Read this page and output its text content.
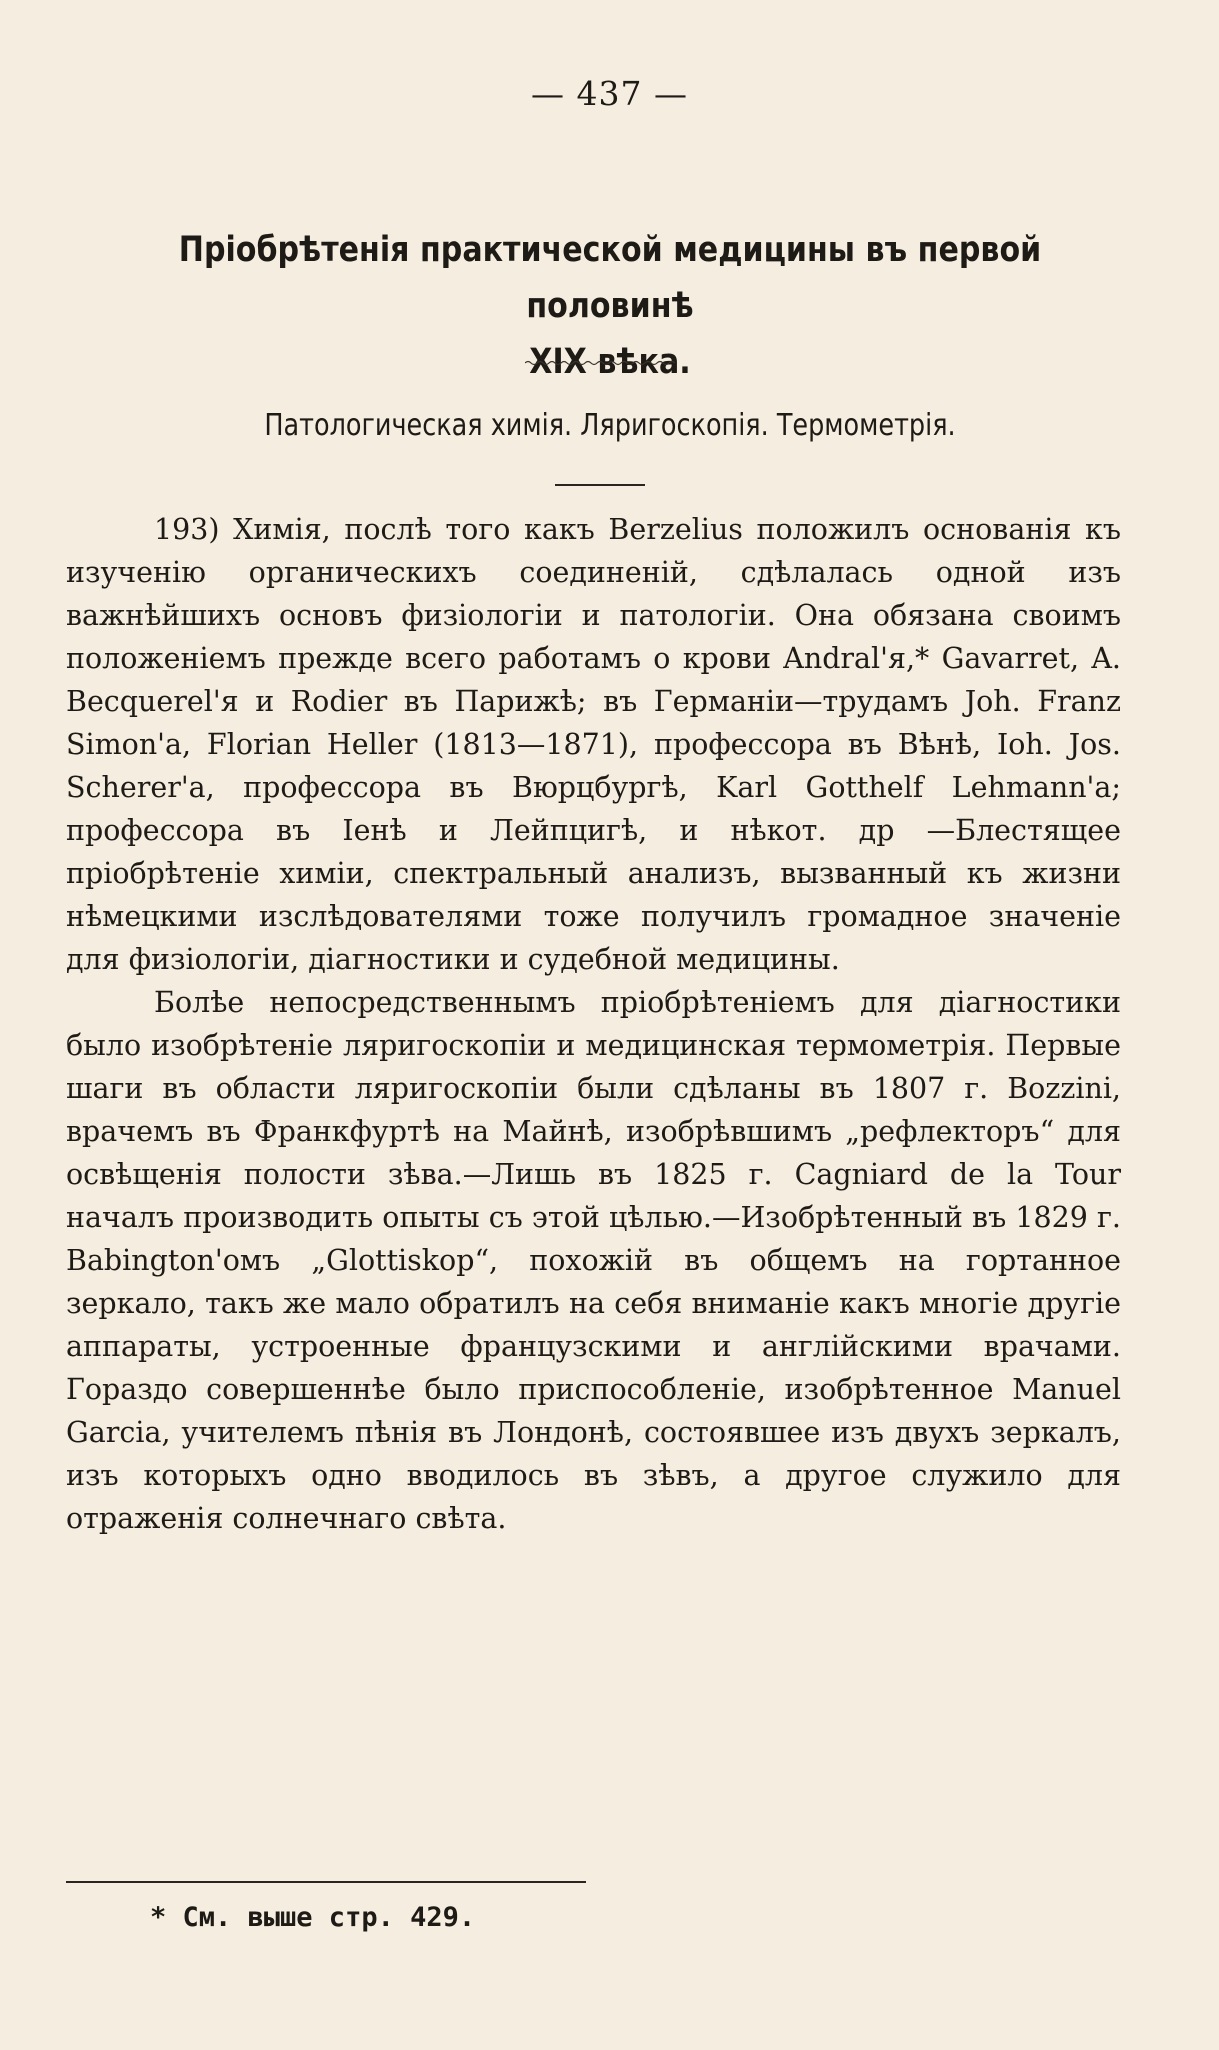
— 437 —
Пріобрѣтенія практической медицины въ первой половинѣ
XIX вѣка.
Патологическая химія. Ляригоскопія. Термометрія.

193) Химія, послѣ того какъ Berzelius положилъ основанія къ изученію органическихъ соединеній, сдѣлалась одной изъ важнѣйшихъ основъ физіологіи и патологіи. Она обязана своимъ положеніемъ прежде всего работамъ о крови Andral'я,* Gavarret, A. Becquerel'я и Rodier въ Парижѣ; въ Германіи—трудамъ Joh. Franz Simon'a, Florian Heller (1813—1871), профессора въ Вѣнѣ, Ioh. Jos. Scherer'a, профессора въ Вюрцбургѣ, Karl Gotthelf Lehmann'a; профессора въ Іенѣ и Лейпцигѣ, и нѣкот. др —Блестящее пріобрѣтеніе химіи, спектральный анализъ, вызванный къ жизни нѣмецкими изслѣдователями тоже получилъ громадное значеніе для физіологіи, діагностики и судебной медицины.

Болѣе непосредственнымъ пріобрѣтеніемъ для діагностики было изобрѣтеніе ляригоскопіи и медицинская термометрія. Первые шаги въ области ляригоскопіи были сдѣланы въ 1807 г. Bozzini, врачемъ въ Франкфуртѣ на Майнѣ, изобрѣвшимъ „рефлекторъ“ для освѣщенія полости зѣва.—Лишь въ 1825 г. Cagniard de la Tour началъ производить опыты съ этой цѣлью.—Изобрѣтенный въ 1829 г. Babington'омъ „Glottiskop“, похожій въ общемъ на гортанное зеркало, такъ же мало обратилъ на себя вниманіе какъ многіе другіе аппараты, устроенные французскими и англійскими врачами. Гораздо совершеннѣе было приспособленіе, изобрѣтенное Manuel Garcia, учителемъ пѣнія въ Лондонѣ, состоявшее изъ двухъ зеркалъ, изъ которыхъ одно вводилось въ зѣвъ, а другое служило для отраженія солнечнаго свѣта.

* См. выше стр. 429.
